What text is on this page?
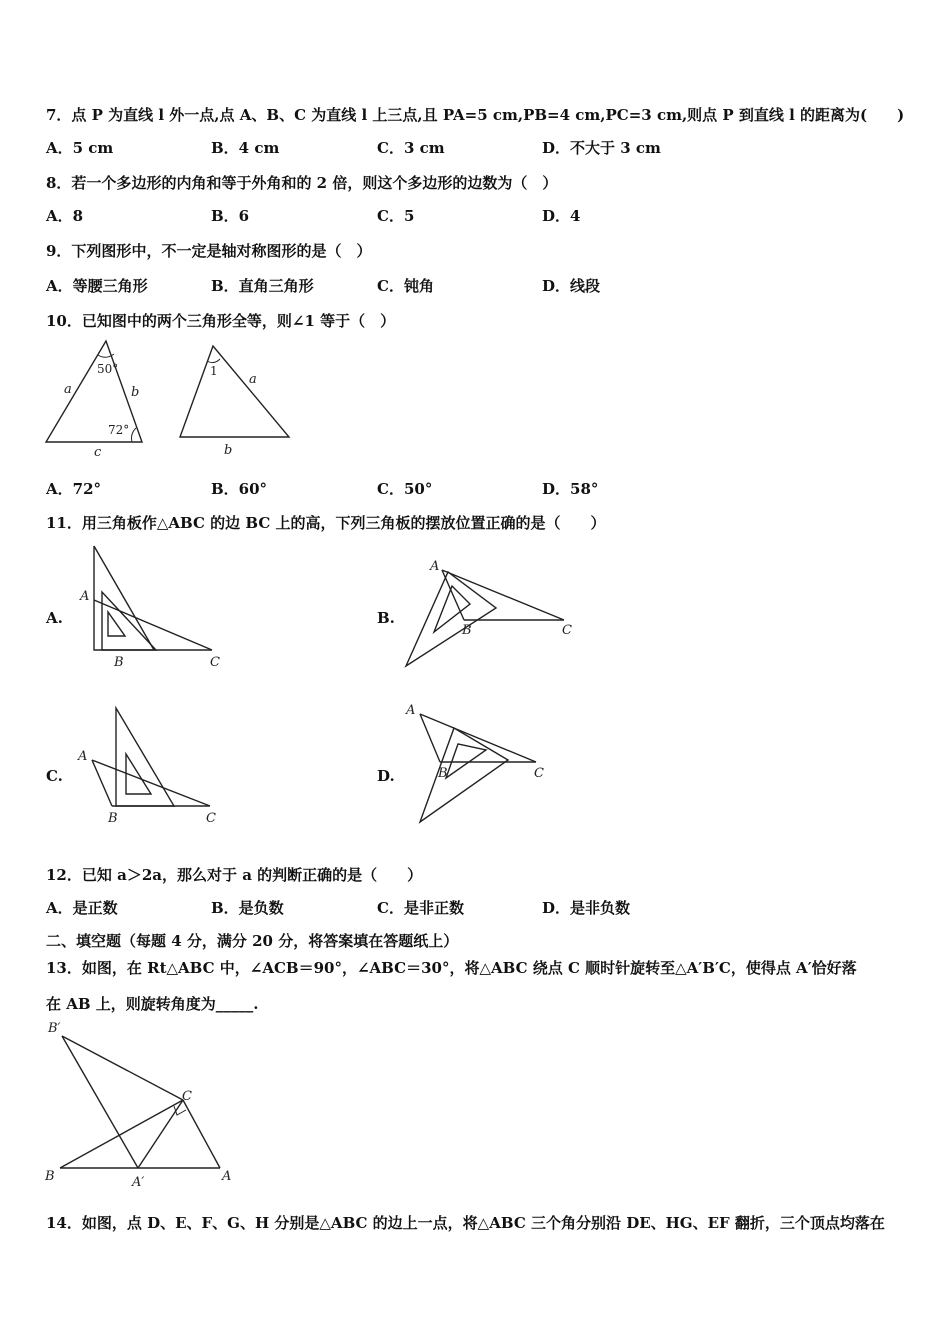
7．点 P 为直线 l 外一点,点 A、B、C 为直线 l 上三点,且 PA=5 cm,PB=4 cm,PC=3 cm,则点 P 到直线 l 的距离为(　　)
A．5 cm	B．4 cm	C．3 cm	D．不大于 3 cm
8．若一个多边形的内角和等于外角和的 2 倍，则这个多边形的边数为（　）
A．8	B．6	C．5	D．4
9．下列图形中，不一定是轴对称图形的是（　）
A．等腰三角形	B．直角三角形	C．钝角	D．线段
10．已知图中的两个三角形全等，则∠1 等于（　）
50°
72°
a	b
c
1
a
b
A．72°	B．60°	C．50°	D．58°
11．用三角板作△ABC 的边 BC 上的高，下列三角板的摆放位置正确的是（　　）
A.
A
B	C
B.
A
B	C
C.
A
B	C
D.
A
B	C
12．已知 a＞2a，那么对于 a 的判断正确的是（　　）
A．是正数	B．是负数	C．是非正数	D．是非负数
二、填空题（每题 4 分，满分 20 分，将答案填在答题纸上）
13．如图，在 Rt△ABC 中，∠ACB＝90°，∠ABC＝30°，将△ABC 绕点 C 顺时针旋转至△A′B′C，使得点 A′恰好落
在 AB 上，则旋转角度为_____.
B′
C
B	A′	A
14．如图，点 D、E、F、G、H 分别是△ABC 的边上一点，将△ABC 三个角分别沿 DE、HG、EF 翻折，三个顶点均落在
